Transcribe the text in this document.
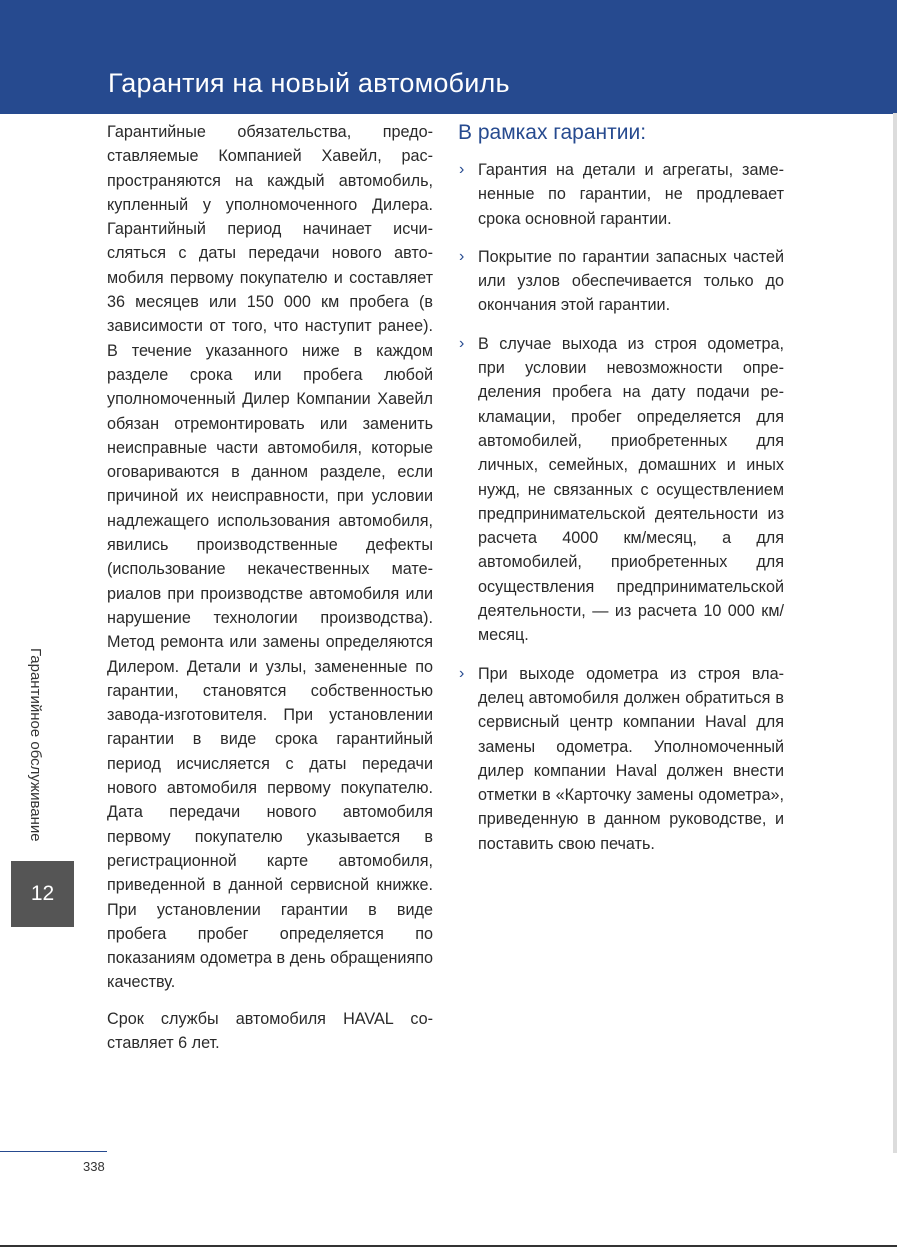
Гарантия на новый автомобиль

Гарантийные обязательства, предоставляемые Компанией Хавейл, распространяются на каждый автомобиль, купленный у уполномоченного Дилера. Гарантийный период начинает исчисляться с даты передачи нового автомобиля первому покупателю и составляет 36 месяцев или 150 000 км пробега (в зависимости от того, что наступит ранее). В течение указанного ниже в каждом разделе срока или пробега любой уполномоченный Дилер Компании Хавейл обязан отремонтировать или заменить неисправные части автомобиля, которые оговариваются в данном разделе, если причиной их неисправности, при условии надлежащего использования автомобиля, явились производственные дефекты (использование некачественных материалов при производстве автомобиля или нарушение технологии производства). Метод ремонта или замены определяются Дилером. Детали и узлы, замененные по гарантии, становятся собственностью завода-изготовителя. При установлении гарантии в виде срока гарантийный период исчисляется с даты передачи нового автомобиля первому покупателю. Дата передачи нового автомобиля первому покупателю указывается в регистрационной карте автомобиля, приведенной в данной сервисной книжке. При установлении гарантии в виде пробега пробег определяется по показаниям одометра в день обращенияпо качеству.

Срок службы автомобиля HAVAL составляет 6 лет.

В рамках гарантии:
› Гарантия на детали и агрегаты, замененные по гарантии, не продлевает срока основной гарантии.
› Покрытие по гарантии запасных частей или узлов обеспечивается только до окончания этой гарантии.
› В случае выхода из строя одометра, при условии невозможности определения пробега на дату подачи рекламации, пробег определяется для автомобилей, приобретенных для личных, семейных, домашних и иных нужд, не связанных с осуществлением предпринимательской деятельности из расчета 4000 км/месяц, а для автомобилей, приобретенных для осуществления предпринимательской деятельности, — из расчета 10 000 км/месяц.
› При выходе одометра из строя владелец автомобиля должен обратиться в сервисный центр компании Haval для замены одометра. Уполномоченный дилер компании Haval должен внести отметки в «Карточку замены одометра», приведенную в данном руководстве, и поставить свою печать.
Гарантийное обслуживание
12
338
